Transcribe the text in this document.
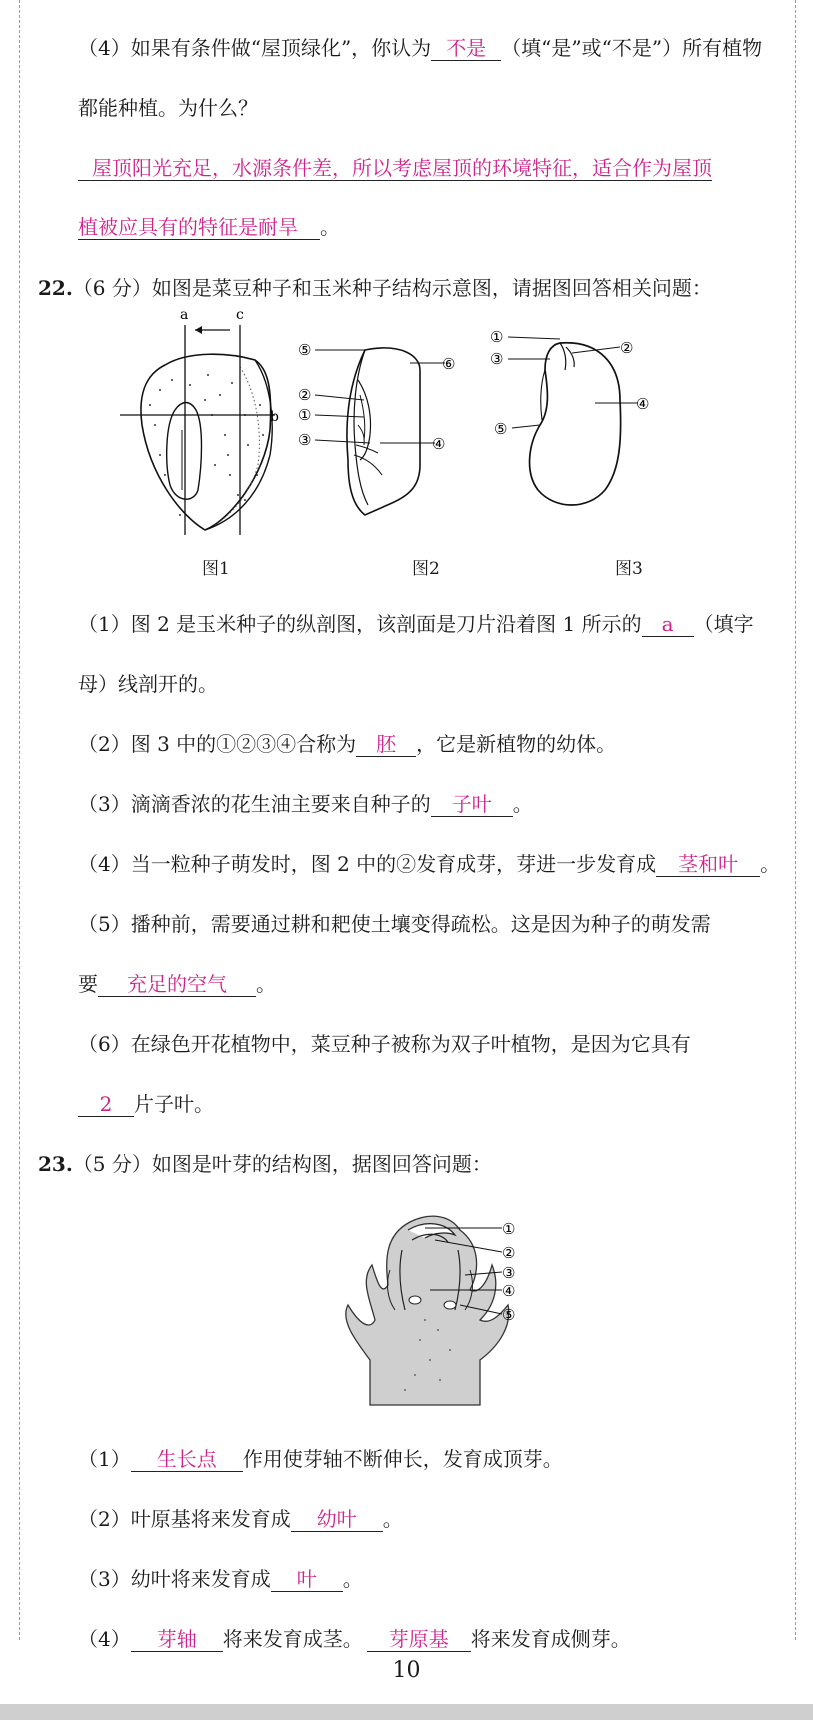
（4）如果有条件做“屋顶绿化”，你认为 不是 （填“是”或“不是”）所有植物
都能种植。为什么？
屋顶阳光充足，水源条件差，所以考虑屋顶的环境特征，适合作为屋顶
植被应具有的特征是耐旱 。
22.（6 分）如图是菜豆种子和玉米种子结构示意图，请据图回答相关问题：
a	c
b
⑤
⑥
②
①
③	④
①
②
③
④
⑤
图1	图2	图3
（1）图 2 是玉米种子的纵剖图，该剖面是刀片沿着图 1 所示的 a （填字
母）线剖开的。
（2）图 3 中的①②③④合称为 胚 ，它是新植物的幼体。
（3）滴滴香浓的花生油主要来自种子的 子叶 。
（4）当一粒种子萌发时，图 2 中的②发育成芽，芽进一步发育成 茎和叶 。
（5）播种前，需要通过耕和耙使土壤变得疏松。这是因为种子的萌发需
要 充足的空气 。
（6）在绿色开花植物中，菜豆种子被称为双子叶植物，是因为它具有
2 片子叶。
23.（5 分）如图是叶芽的结构图，据图回答问题：
①
②
③
④
⑤
（1） 生长点 作用使芽轴不断伸长，发育成顶芽。
（2）叶原基将来发育成 幼叶 。
（3）幼叶将来发育成 叶 。
（4） 芽轴 将来发育成茎。 芽原基 将来发育成侧芽。
10
